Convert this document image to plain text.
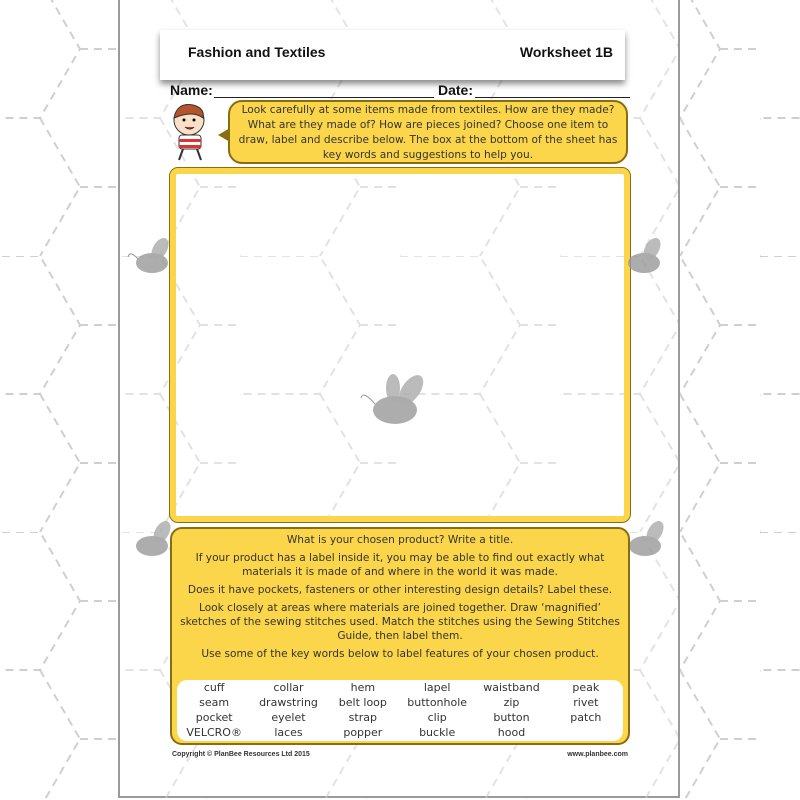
Fashion and Textiles	Worksheet 1B
Name:	Date:
Look carefully at some items made from textiles. How are they made? What are they made of? How are pieces joined? Choose one item to draw, label and describe below. The box at the bottom of the sheet has key words and suggestions to help you.

What is your chosen product? Write a title.

If your product has a label inside it, you may be able to find out exactly what materials it is made of and where in the world it was made.

Does it have pockets, fasteners or other interesting design details? Label these.

Look closely at areas where materials are joined together. Draw ‘magnified’ sketches of the sewing stitches used. Match the stitches using the Sewing Stitches Guide, then label them.

Use some of the key words below to label features of your chosen product.

cuff	collar	hem	lapel	waistband	peak
seam	drawstring	belt loop	buttonhole	zip	rivet
pocket	eyelet	strap	clip	button	patch
VELCRO®	laces	popper	buckle	hood
Copyright © PlanBee Resources Ltd 2015	www.planbee.com
